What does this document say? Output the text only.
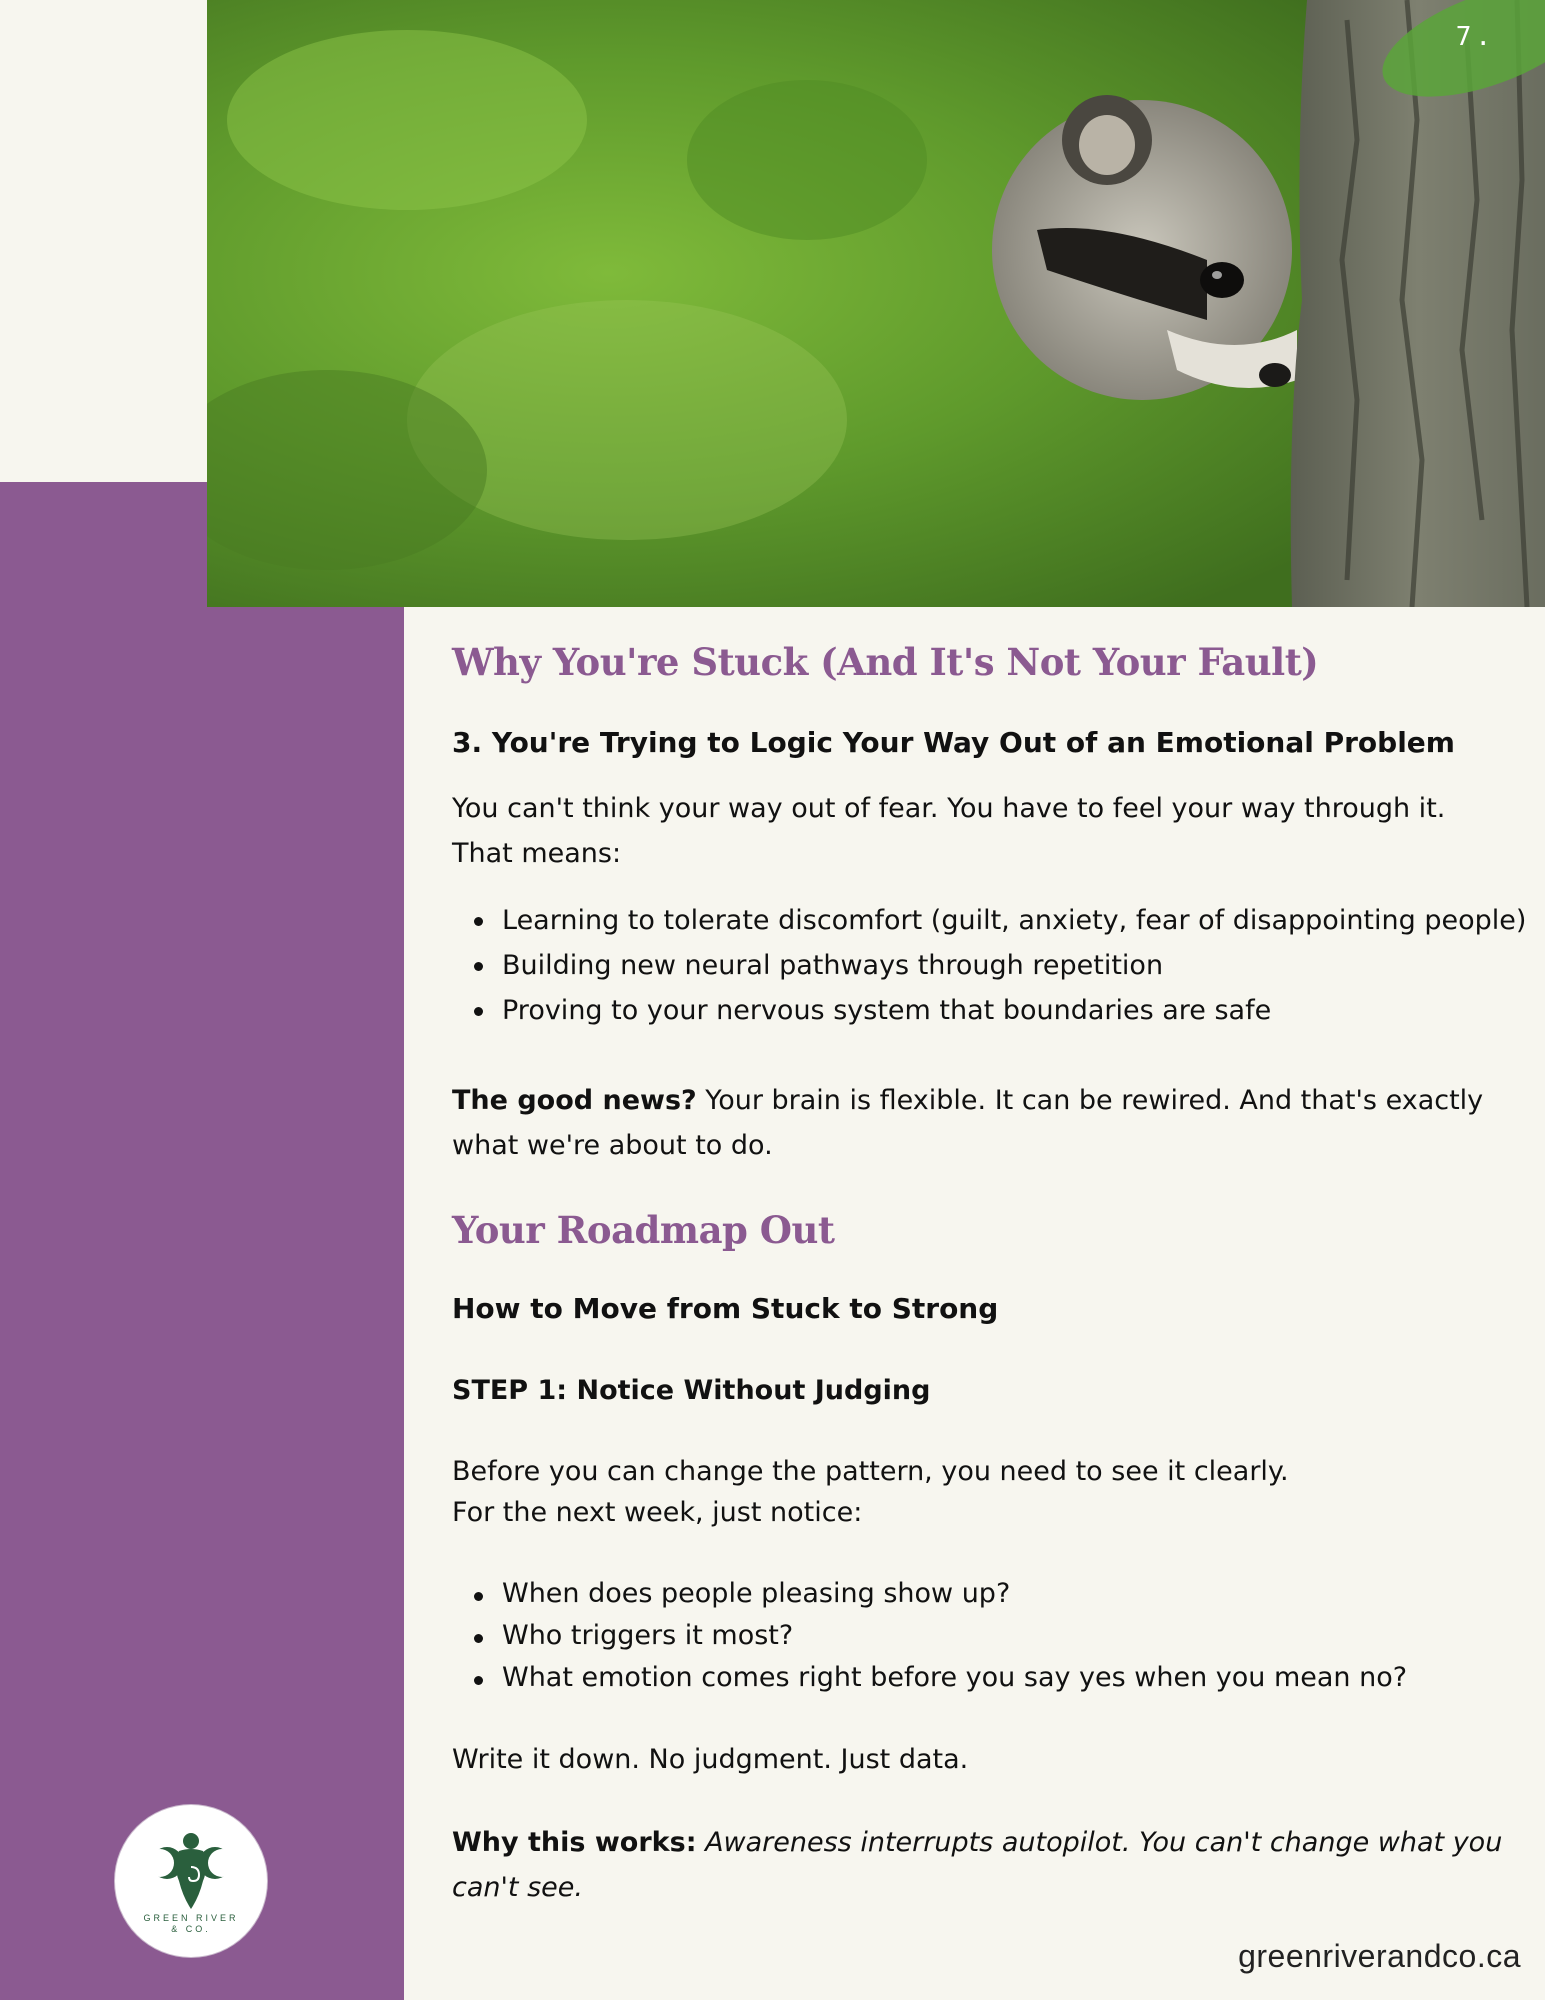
7.
Why You're Stuck (And It's Not Your Fault)
3. You're Trying to Logic Your Way Out of an Emotional Problem
You can't think your way out of fear. You have to feel your way through it.
That means:
Learning to tolerate discomfort (guilt, anxiety, fear of disappointing people)
Building new neural pathways through repetition
Proving to your nervous system that boundaries are safe

The good news? Your brain is flexible. It can be rewired. And that's exactly what we're about to do.

Your Roadmap Out
How to Move from Stuck to Strong
STEP 1: Notice Without Judging
Before you can change the pattern, you need to see it clearly.
For the next week, just notice:
When does people pleasing show up?
Who triggers it most?
What emotion comes right before you say yes when you mean no?
Write it down. No judgment. Just data.

Why this works: Awareness interrupts autopilot. You can't change what you can't see.

GREEN RIVER
& CO.
greenriverandco.ca
